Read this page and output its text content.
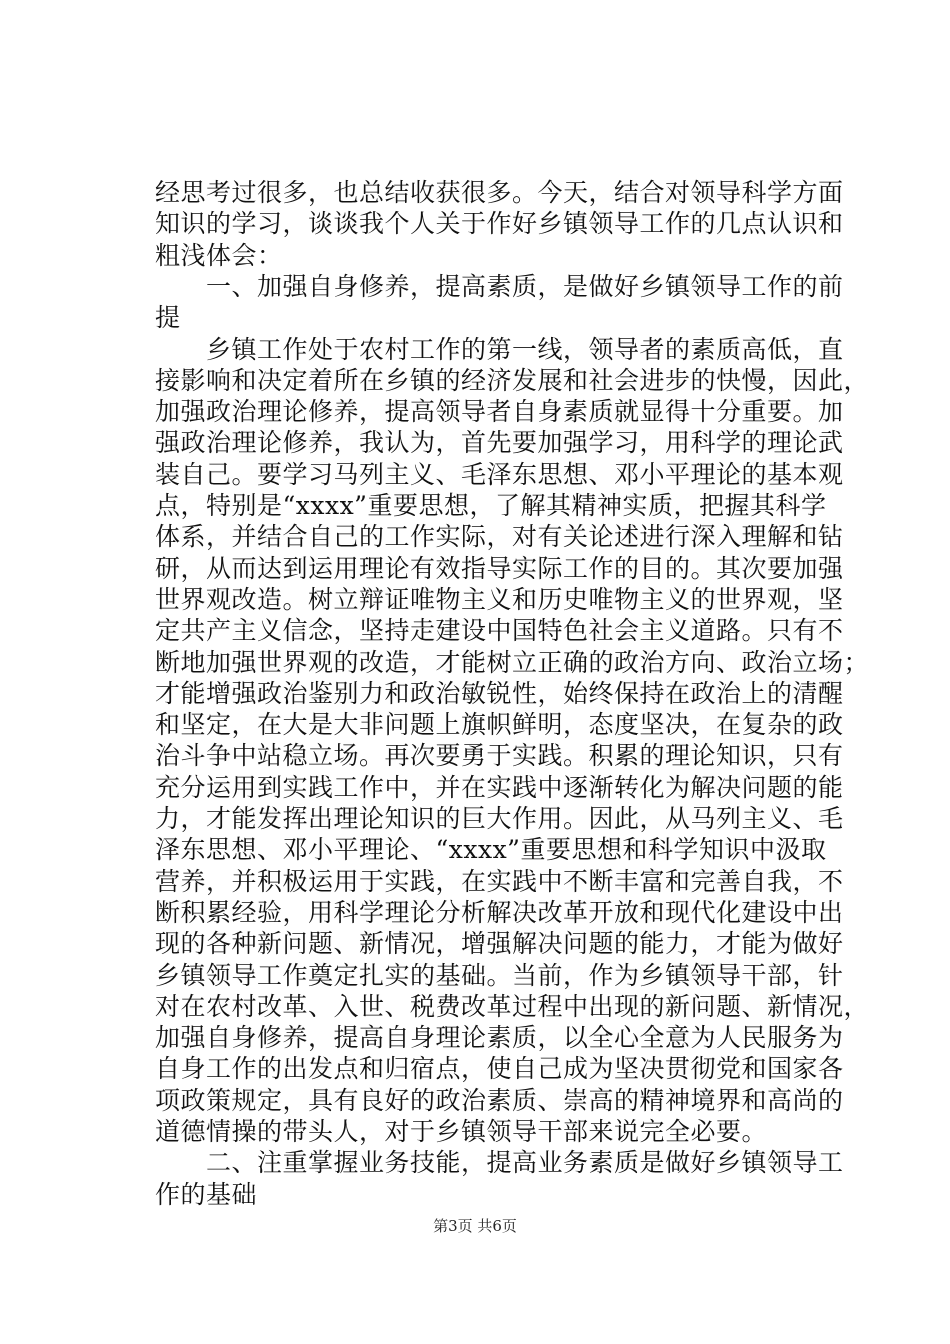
经思考过很多，也总结收获很多。今天，结合对领导科学方面
知识的学习，谈谈我个人关于作好乡镇领导工作的几点认识和
粗浅体会：
　　一、加强自身修养，提高素质，是做好乡镇领导工作的前
提
　　乡镇工作处于农村工作的第一线，领导者的素质高低，直
接影响和决定着所在乡镇的经济发展和社会进步的快慢，因此，
加强政治理论修养，提高领导者自身素质就显得十分重要。加
强政治理论修养，我认为，首先要加强学习，用科学的理论武
装自己。要学习马列主义、毛泽东思想、邓小平理论的基本观
点，特别是“xxxx”重要思想，了解其精神实质，把握其科学
体系，并结合自己的工作实际，对有关论述进行深入理解和钻
研，从而达到运用理论有效指导实际工作的目的。其次要加强
世界观改造。树立辩证唯物主义和历史唯物主义的世界观，坚
定共产主义信念，坚持走建设中国特色社会主义道路。只有不
断地加强世界观的改造，才能树立正确的政治方向、政治立场；
才能增强政治鉴别力和政治敏锐性，始终保持在政治上的清醒
和坚定，在大是大非问题上旗帜鲜明，态度坚决，在复杂的政
治斗争中站稳立场。再次要勇于实践。积累的理论知识，只有
充分运用到实践工作中，并在实践中逐渐转化为解决问题的能
力，才能发挥出理论知识的巨大作用。因此，从马列主义、毛
泽东思想、邓小平理论、“xxxx”重要思想和科学知识中汲取
营养，并积极运用于实践，在实践中不断丰富和完善自我，不
断积累经验，用科学理论分析解决改革开放和现代化建设中出
现的各种新问题、新情况，增强解决问题的能力，才能为做好
乡镇领导工作奠定扎实的基础。当前，作为乡镇领导干部，针
对在农村改革、入世、税费改革过程中出现的新问题、新情况，
加强自身修养，提高自身理论素质，以全心全意为人民服务为
自身工作的出发点和归宿点，使自己成为坚决贯彻党和国家各
项政策规定，具有良好的政治素质、崇高的精神境界和高尚的
道德情操的带头人，对于乡镇领导干部来说完全必要。
　　二、注重掌握业务技能，提高业务素质是做好乡镇领导工
作的基础
第3页 共6页
